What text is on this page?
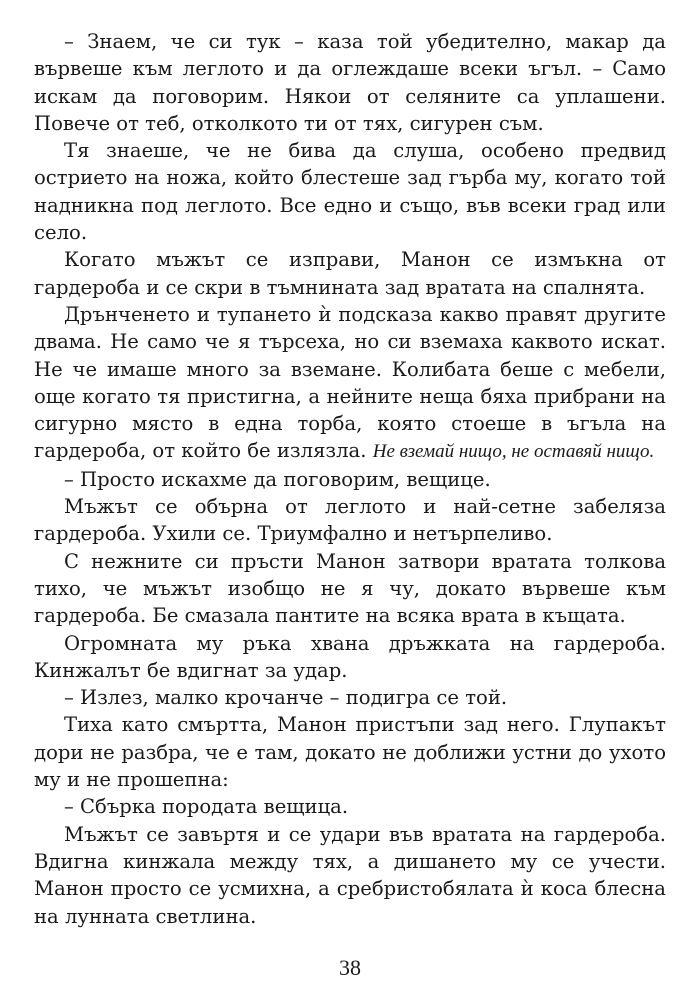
– Знаем, че си тук – каза той убедително, макар да вървеше към леглото и да оглеждаше всеки ъгъл. – Само искам да поговорим. Някои от селяните са уплашени. Повече от теб, отколкото ти от тях, сигурен съм.

Тя знаеше, че не бива да слуша, особено предвид острието на ножа, който блестеше зад гърба му, когато той надникна под леглото. Все едно и също, във всеки град или село.

Когато мъжът се изправи, Манон се измъкна от гардероба и се скри в тъмнината зад вратата на спалнята.

Дрънченето и тупането ѝ подсказа какво правят другите двама. Не само че я търсеха, но си вземаха каквото искат. Не че имаше много за вземане. Колибата беше с мебели, още когато тя пристигна, а нейните неща бяха прибрани на сигурно място в една торба, която стоеше в ъгъла на гардероба, от който бе излязла. Не вземай нищо, не оставяй нищо.

– Просто искахме да поговорим, вещице.

Мъжът се обърна от леглото и най-сетне забеляза гардероба. Ухили се. Триумфално и нетърпеливо.

С нежните си пръсти Манон затвори вратата толкова тихо, че мъжът изобщо не я чу, докато вървеше към гардероба. Бе смазала пантите на всяка врата в къщата.

Огромната му ръка хвана дръжката на гардероба. Кинжалът бе вдигнат за удар.

– Излез, малко крочанче – подигра се той.

Тиха като смъртта, Манон пристъпи зад него. Глупакът дори не разбра, че е там, докато не доближи устни до ухото му и не прошепна:

– Сбърка породата вещица.

Мъжът се завъртя и се удари във вратата на гардероба. Вдигна кинжала между тях, а дишането му се учести. Манон просто се усмихна, а сребристобялата ѝ коса блесна на лунната светлина.

38
